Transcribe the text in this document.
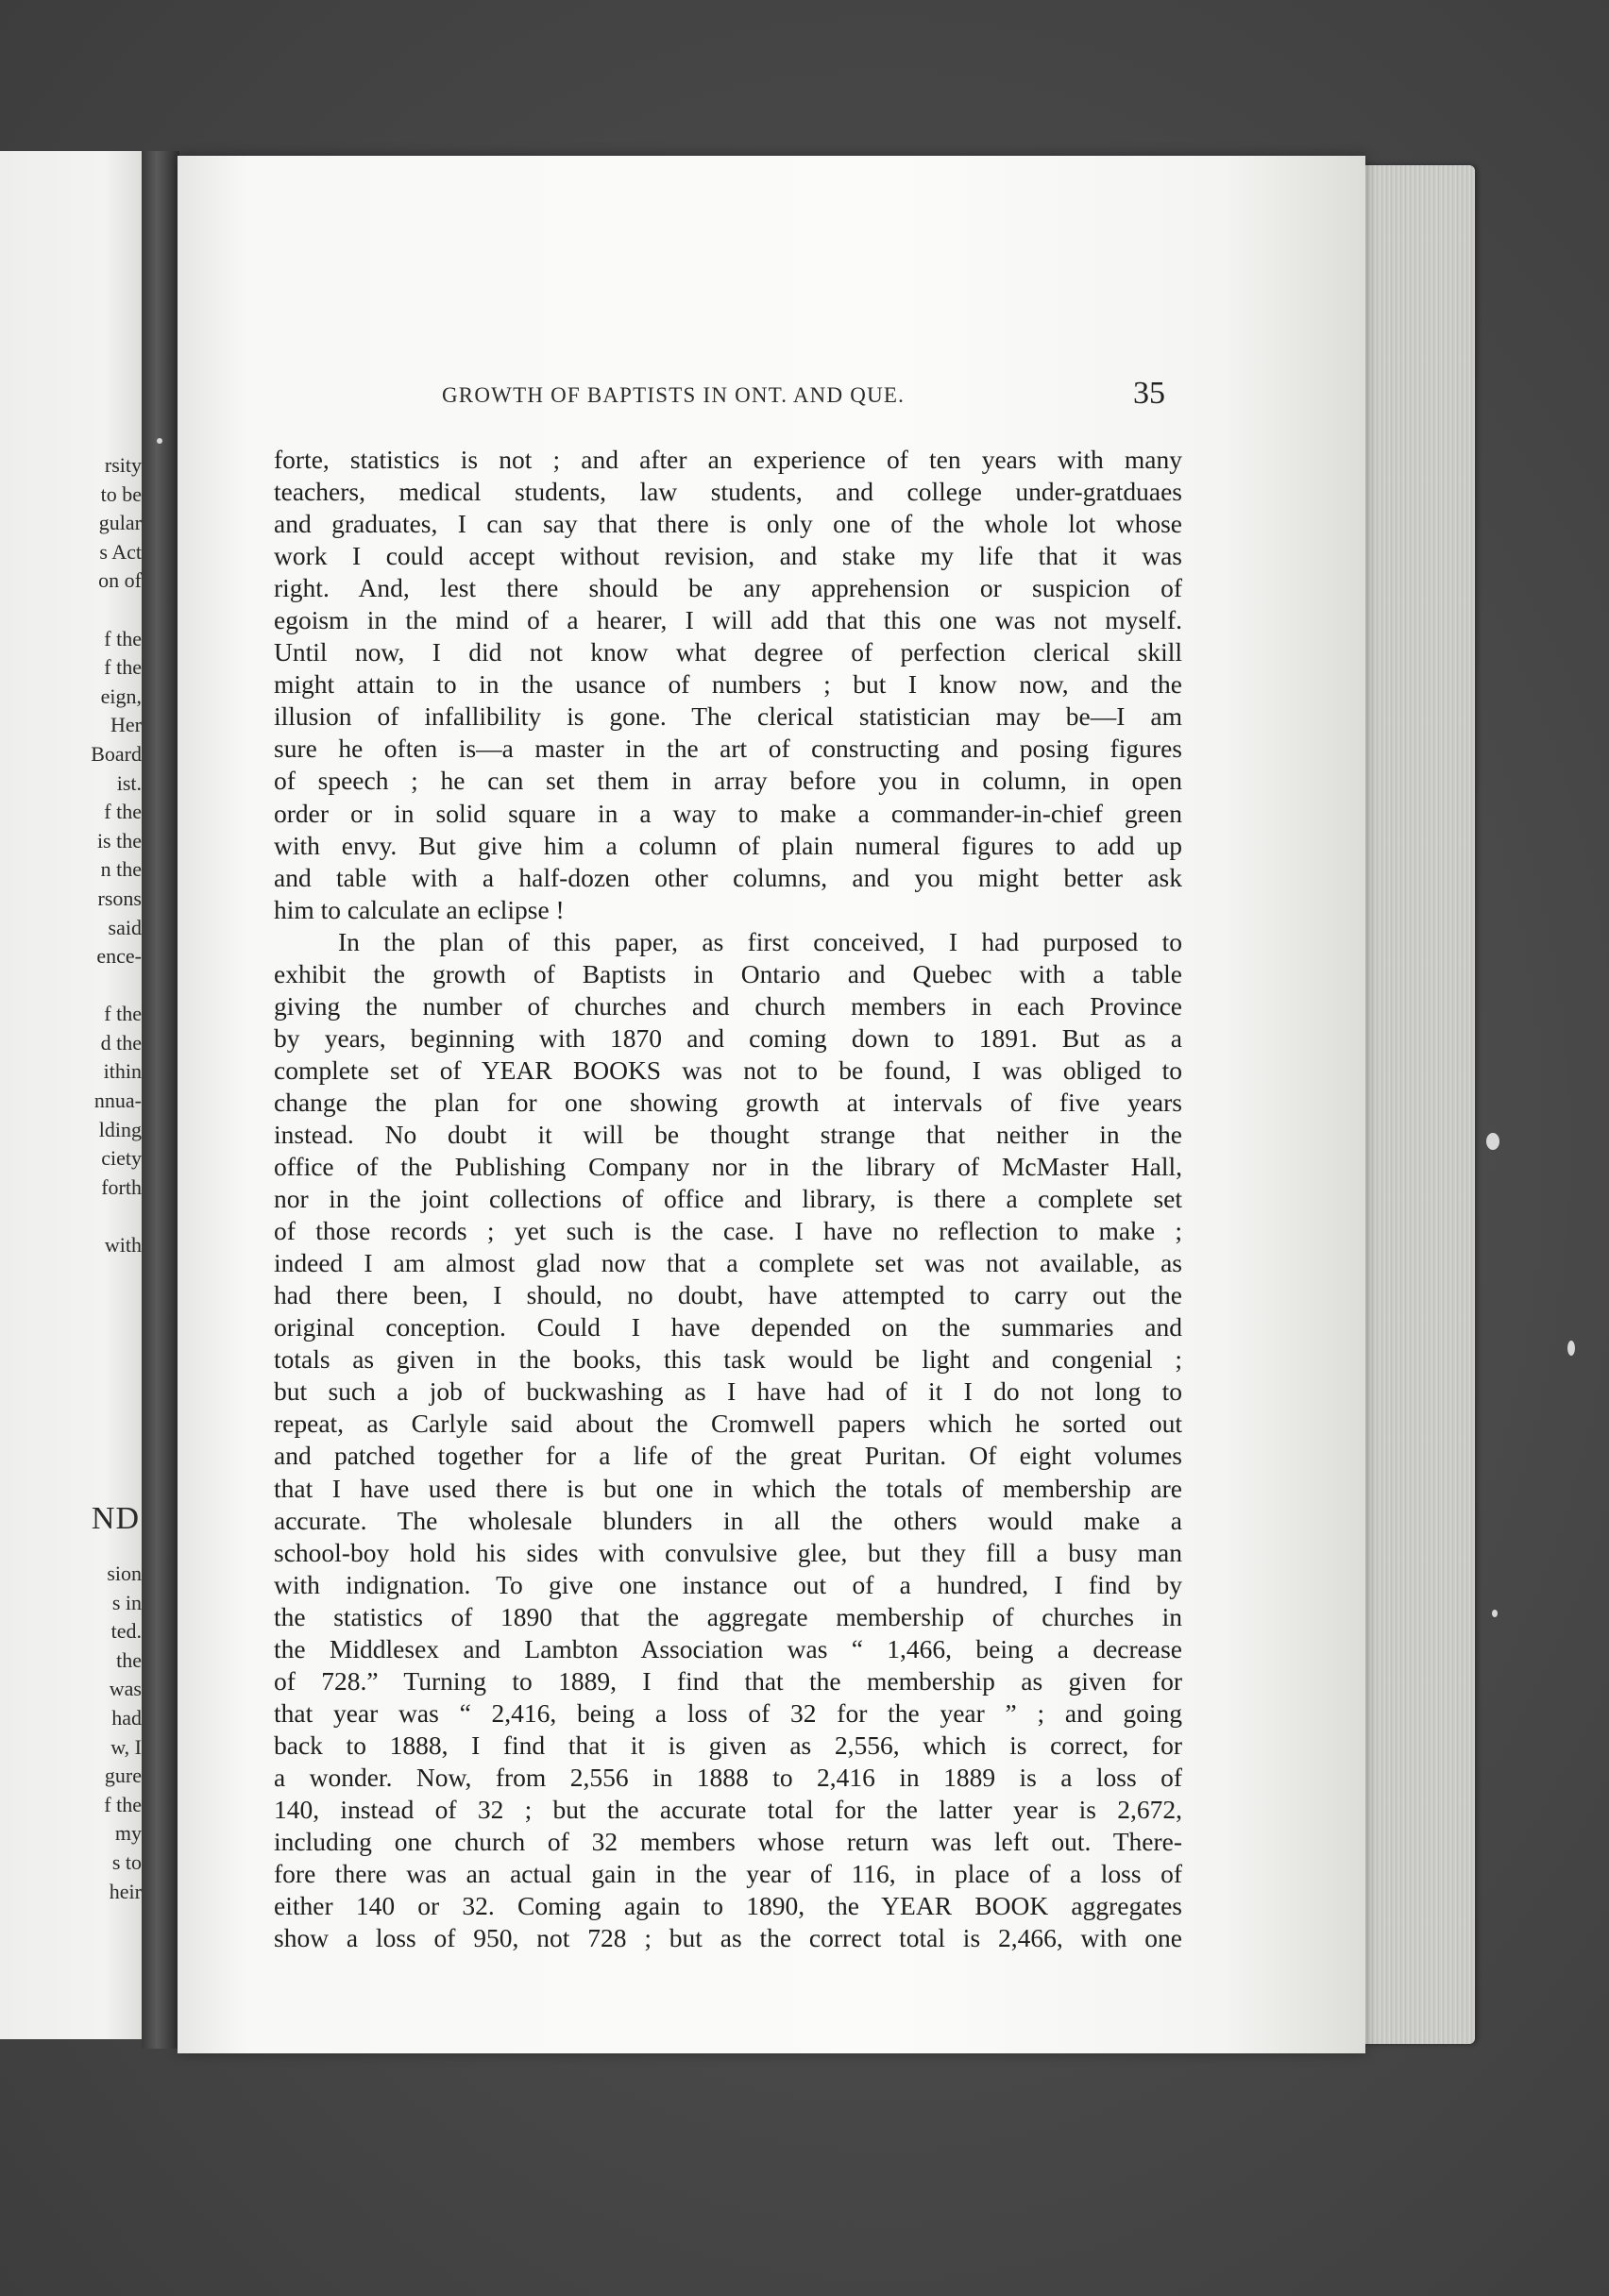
rsity
to be
gular
s Act
on of
f the
f the
eign,
Her
Board
ist.
f the
is the
n the
rsons
said
ence-
f the
d the
ithin
nnua-
lding
ciety
forth
with
ND
sion
s in
ted.
the
was
had
w, I
gure
f the
my
s to
heir
GROWTH OF BAPTISTS IN ONT. AND QUE.	35
forte, statistics is not ; and after an experience of ten years with many
teachers, medical students, law students, and college under-gratduaes
and graduates, I can say that there is only one of the whole lot whose
work I could accept without revision, and stake my life that it was
right. And, lest there should be any apprehension or suspicion of
egoism in the mind of a hearer, I will add that this one was not myself.
Until now, I did not know what degree of perfection clerical skill
might attain to in the usance of numbers ; but I know now, and the
illusion of infallibility is gone. The clerical statistician may be—I am
sure he often is—a master in the art of constructing and posing figures
of speech ; he can set them in array before you in column, in open
order or in solid square in a way to make a commander-in-chief green
with envy. But give him a column of plain numeral figures to add up
and table with a half-dozen other columns, and you might better ask
him to calculate an eclipse !
In the plan of this paper, as first conceived, I had purposed to
exhibit the growth of Baptists in Ontario and Quebec with a table
giving the number of churches and church members in each Province
by years, beginning with 1870 and coming down to 1891. But as a
complete set of YEAR BOOKS was not to be found, I was obliged to
change the plan for one showing growth at intervals of five years
instead. No doubt it will be thought strange that neither in the
office of the Publishing Company nor in the library of McMaster Hall,
nor in the joint collections of office and library, is there a complete set
of those records ; yet such is the case. I have no reflection to make ;
indeed I am almost glad now that a complete set was not available, as
had there been, I should, no doubt, have attempted to carry out the
original conception. Could I have depended on the summaries and
totals as given in the books, this task would be light and congenial ;
but such a job of buckwashing as I have had of it I do not long to
repeat, as Carlyle said about the Cromwell papers which he sorted out
and patched together for a life of the great Puritan. Of eight volumes
that I have used there is but one in which the totals of membership are
accurate. The wholesale blunders in all the others would make a
school-boy hold his sides with convulsive glee, but they fill a busy man
with indignation. To give one instance out of a hundred, I find by
the statistics of 1890 that the aggregate membership of churches in
the Middlesex and Lambton Association was “ 1,466, being a decrease
of 728.” Turning to 1889, I find that the membership as given for
that year was “ 2,416, being a loss of 32 for the year ” ; and going
back to 1888, I find that it is given as 2,556, which is correct, for
a wonder. Now, from 2,556 in 1888 to 2,416 in 1889 is a loss of
140, instead of 32 ; but the accurate total for the latter year is 2,672,
including one church of 32 members whose return was left out. There-
fore there was an actual gain in the year of 116, in place of a loss of
either 140 or 32. Coming again to 1890, the YEAR BOOK aggregates
show a loss of 950, not 728 ; but as the correct total is 2,466, with one
